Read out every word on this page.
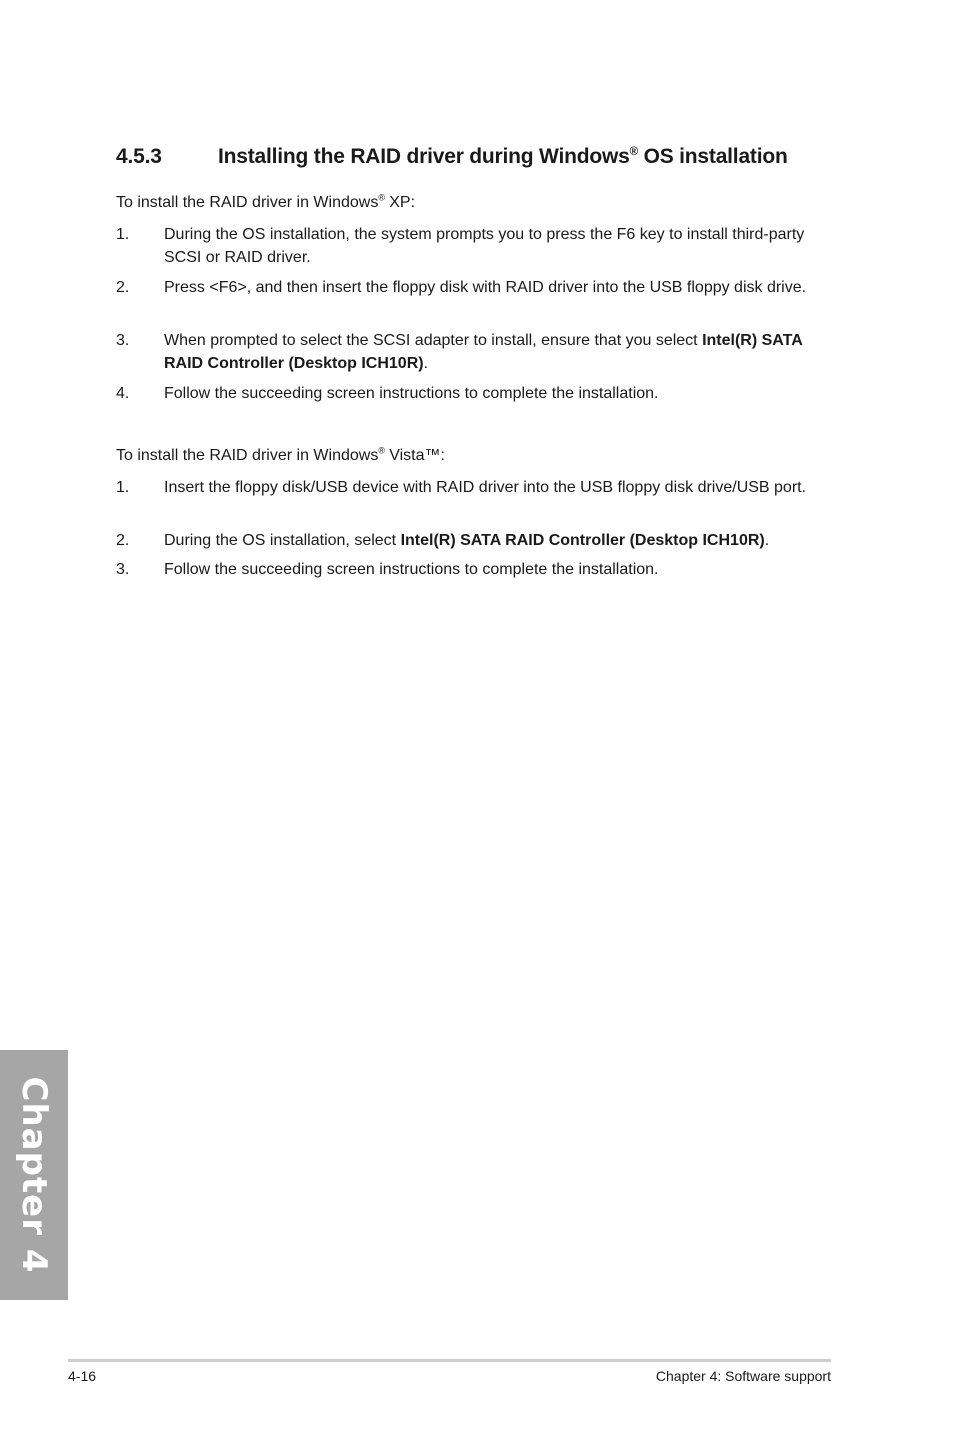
4.5.3	Installing the RAID driver during Windows® OS installation
To install the RAID driver in Windows® XP:
1. During the OS installation, the system prompts you to press the F6 key to install third-party SCSI or RAID driver.
2. Press <F6>, and then insert the floppy disk with RAID driver into the USB floppy disk drive.
3. When prompted to select the SCSI adapter to install, ensure that you select Intel(R) SATA RAID Controller (Desktop ICH10R).
4. Follow the succeeding screen instructions to complete the installation.
To install the RAID driver in Windows® Vista™:
1. Insert the floppy disk/USB device with RAID driver into the USB floppy disk drive/USB port.
2. During the OS installation, select Intel(R) SATA RAID Controller (Desktop ICH10R).
3. Follow the succeeding screen instructions to complete the installation.
Chapter 4
4-16	Chapter 4: Software support
